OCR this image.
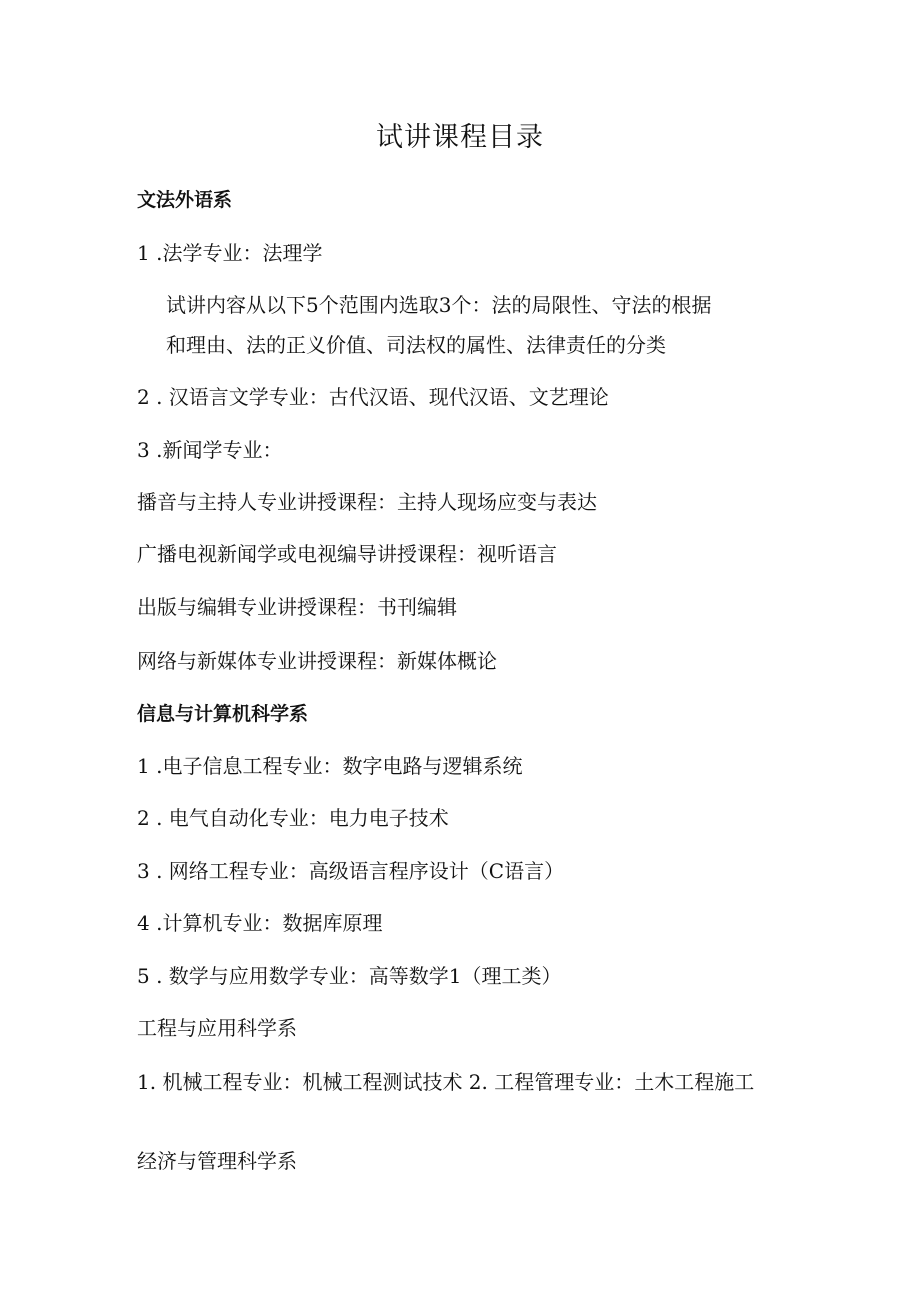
试讲课程目录
文法外语系
1 .法学专业：法理学
试讲内容从以下5个范围内选取3个：法的局限性、守法的根据
和理由、法的正义价值、司法权的属性、法律责任的分类
2 . 汉语言文学专业：古代汉语、现代汉语、文艺理论
3 .新闻学专业：
播音与主持人专业讲授课程：主持人现场应变与表达
广播电视新闻学或电视编导讲授课程：视听语言
出版与编辑专业讲授课程：书刊编辑
网络与新媒体专业讲授课程：新媒体概论
信息与计算机科学系
1 .电子信息工程专业：数字电路与逻辑系统
2 . 电气自动化专业：电力电子技术
3 . 网络工程专业：高级语言程序设计（C语言）
4 .计算机专业：数据库原理
5 . 数学与应用数学专业：高等数学1（理工类）
工程与应用科学系
1. 机械工程专业：机械工程测试技术 2. 工程管理专业：土木工程施工
经济与管理科学系
